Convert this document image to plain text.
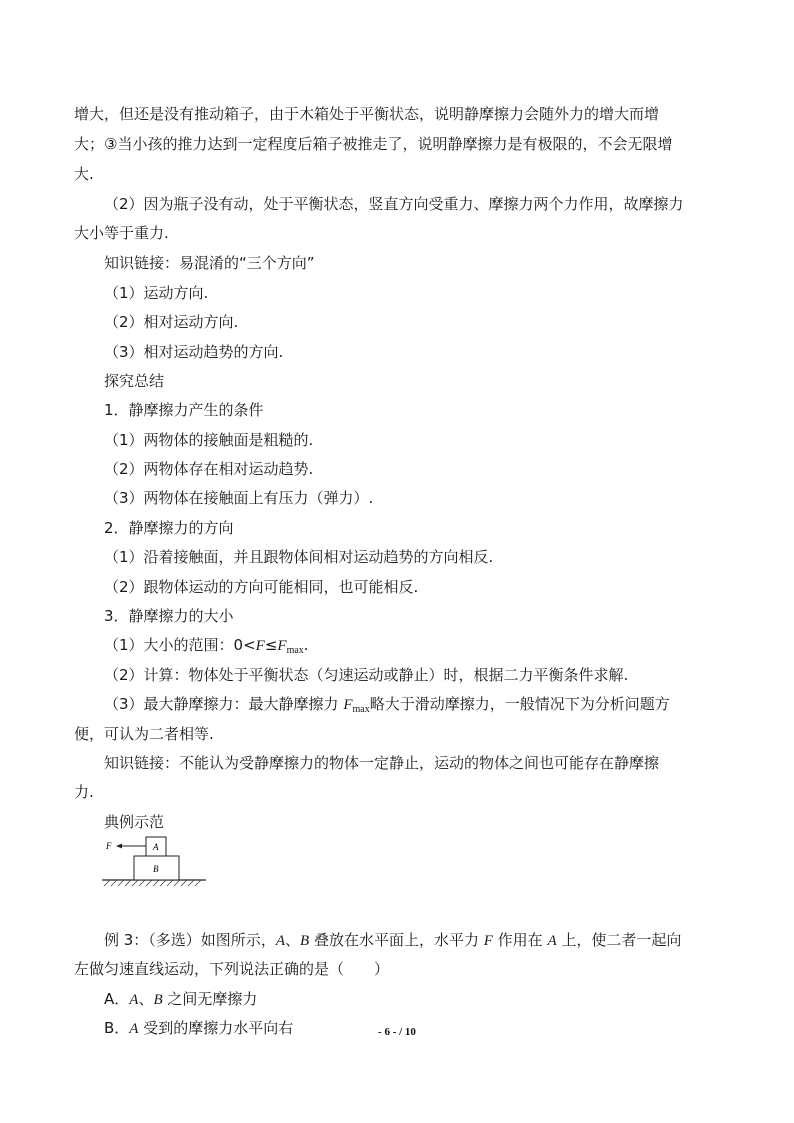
增大，但还是没有推动箱子，由于木箱处于平衡状态，说明静摩擦力会随外力的增大而增
大；③当小孩的推力达到一定程度后箱子被推走了，说明静摩擦力是有极限的，不会无限增
大.
（2）因为瓶子没有动，处于平衡状态，竖直方向受重力、摩擦力两个力作用，故摩擦力
大小等于重力.
知识链接：易混淆的“三个方向”
（1）运动方向.
（2）相对运动方向.
（3）相对运动趋势的方向.
探究总结
1．静摩擦力产生的条件
（1）两物体的接触面是粗糙的.
（2）两物体存在相对运动趋势.
（3）两物体在接触面上有压力（弹力）.
2．静摩擦力的方向
（1）沿着接触面，并且跟物体间相对运动趋势的方向相反.
（2）跟物体运动的方向可能相同，也可能相反.
3．静摩擦力的大小
（1）大小的范围：$0<F\le F_{max}$.
（2）计算：物体处于平衡状态（匀速运动或静止）时，根据二力平衡条件求解.
（3）最大静摩擦力：最大静摩擦力 $F_{max}$略大于滑动摩擦力，一般情况下为分析问题方
便，可认为二者相等.
知识链接：不能认为受静摩擦力的物体一定静止，运动的物体之间也可能存在静摩擦
力.
典例示范
F	A
B
例 3：（多选）如图所示，A、B 叠放在水平面上，水平力 F 作用在 A 上，使二者一起向
左做匀速直线运动，下列说法正确的是（　　）
A．A、B 之间无摩擦力
B．A 受到的摩擦力水平向右	- 6 - / 10
